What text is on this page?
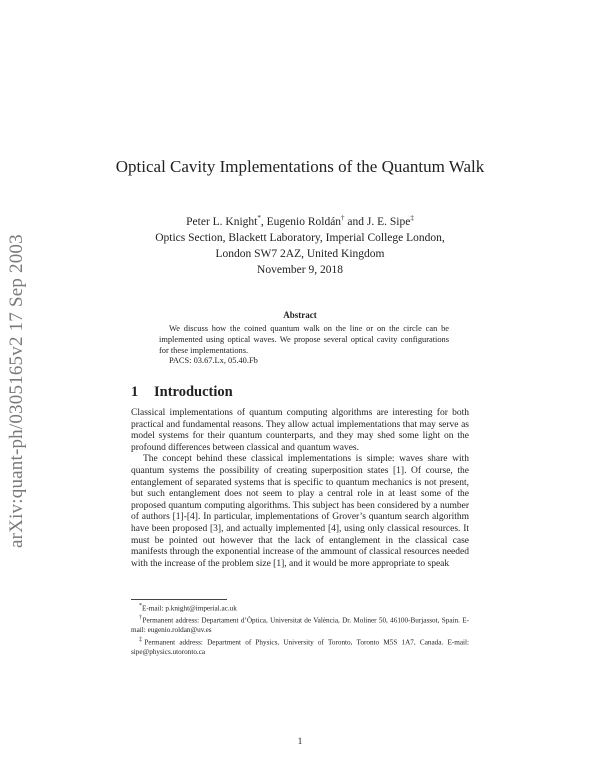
arXiv:quant-ph/0305165v2 17 Sep 2003
Optical Cavity Implementations of the Quantum Walk
Peter L. Knight*, Eugenio Roldán† and J. E. Sipe‡
Optics Section, Blackett Laboratory, Imperial College London,
London SW7 2AZ, United Kingdom
November 9, 2018
Abstract

We discuss how the coined quantum walk on the line or on the circle can be implemented using optical waves. We propose several optical cavity configurations for these implementations.

PACS: 03.67.Lx, 05.40.Fb

1 Introduction

Classical implementations of quantum computing algorithms are interesting for both practical and fundamental reasons. They allow actual implementations that may serve as model systems for their quantum counterparts, and they may shed some light on the profound differences between classical and quantum waves.

The concept behind these classical implementations is simple: waves share with quantum systems the possibility of creating superposition states [1]. Of course, the entanglement of separated systems that is specific to quantum mechanics is not present, but such entanglement does not seem to play a central role in at least some of the proposed quantum computing algorithms. This subject has been considered by a number of authors [1]-[4]. In particular, implementations of Grover’s quantum search algorithm have been proposed [3], and actually implemented [4], using only classical resources. It must be pointed out however that the lack of entanglement in the classical case manifests through the exponential increase of the ammount of classical resources needed with the increase of the problem size [1], and it would be more appropriate to speak

*E-mail: p.knight@imperial.ac.uk

†Permanent address: Departament d’Òptica, Universitat de València, Dr. Moliner 50, 46100-Burjassot, Spain. E-mail: eugenio.roldan@uv.es

‡Permanent address: Department of Physics, University of Toronto, Toronto M5S 1A7, Canada. E-mail: sipe@physics.utoronto.ca

1
